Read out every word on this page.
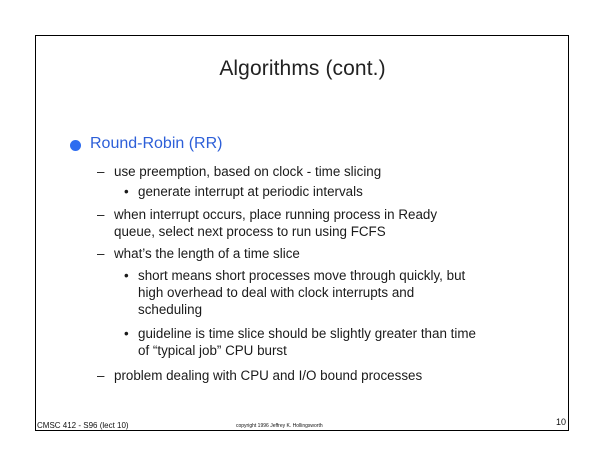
Algorithms (cont.)
Round-Robin (RR)
– use preemption, based on clock - time slicing
• generate interrupt at periodic intervals
– when interrupt occurs, place running process in Ready
queue, select next process to run using FCFS
– what’s the length of a time slice
• short means short processes move through quickly, but
high overhead to deal with clock interrupts and
scheduling
• guideline is time slice should be slightly greater than time
of “typical job” CPU burst
– problem dealing with CPU and I/O bound processes
CMSC 412 - S96 (lect 10)	copyright 1996 Jeffrey K. Hollingsworth	10
